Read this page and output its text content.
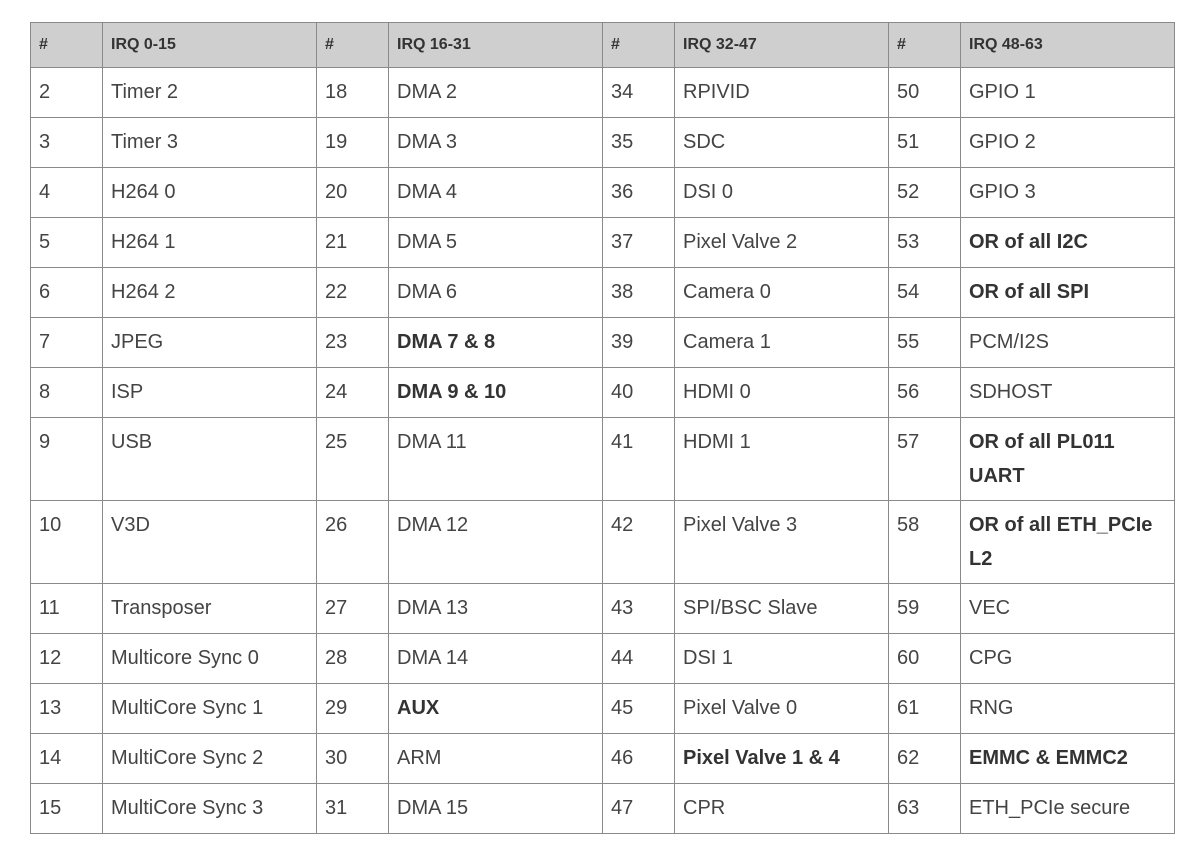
#	IRQ 0-15	#	IRQ 16-31	#	IRQ 32-47	#	IRQ 48-63
2	Timer 2	18	DMA 2	34	RPIVID	50	GPIO 1
3	Timer 3	19	DMA 3	35	SDC	51	GPIO 2
4	H264 0	20	DMA 4	36	DSI 0	52	GPIO 3
5	H264 1	21	DMA 5	37	Pixel Valve 2	53	OR of all I2C
6	H264 2	22	DMA 6	38	Camera 0	54	OR of all SPI
7	JPEG	23	DMA 7 & 8	39	Camera 1	55	PCM/I2S
8	ISP	24	DMA 9 & 10	40	HDMI 0	56	SDHOST
9	USB	25	DMA 11	41	HDMI 1	57	OR of all PL011 UART
10	V3D	26	DMA 12	42	Pixel Valve 3	58	OR of all ETH_PCIe L2
11	Transposer	27	DMA 13	43	SPI/BSC Slave	59	VEC
12	Multicore Sync 0	28	DMA 14	44	DSI 1	60	CPG
13	MultiCore Sync 1	29	AUX	45	Pixel Valve 0	61	RNG
14	MultiCore Sync 2	30	ARM	46	Pixel Valve 1 & 4	62	EMMC & EMMC2
15	MultiCore Sync 3	31	DMA 15	47	CPR	63	ETH_PCIe secure
